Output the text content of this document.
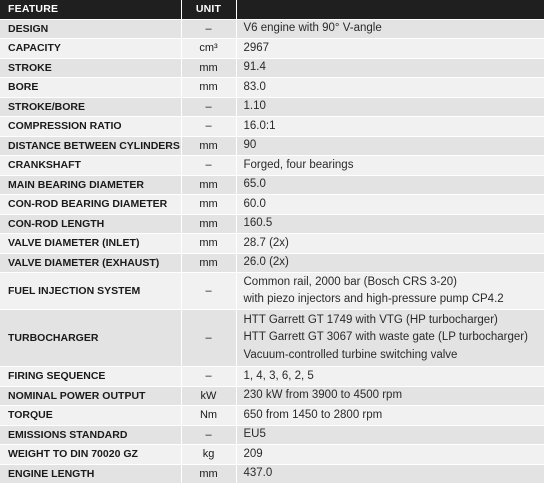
FEATURE	UNIT	
DESIGN	–	V6 engine with 90° V-angle

CAPACITY	cm³	2967

STROKE	mm	91.4

BORE	mm	83.0

STROKE/BORE	–	1.10

COMPRESSION RATIO	–	16.0:1

DISTANCE BETWEEN CYLINDERS	mm	90

CRANKSHAFT	–	Forged, four bearings

MAIN BEARING DIAMETER	mm	65.0

CON-ROD BEARING DIAMETER	mm	60.0

CON-ROD LENGTH	mm	160.5

VALVE DIAMETER (INLET)	mm	28.7 (2x)

VALVE DIAMETER (EXHAUST)	mm	26.0 (2x)

FUEL INJECTION SYSTEM	–	Common rail, 2000 bar (Bosch CRS 3-20)
with piezo injectors and high-pressure pump CP4.2

TURBOCHARGER	–	HTT Garrett GT 1749 with VTG (HP turbocharger)
HTT Garrett GT 3067 with waste gate (LP turbocharger)
Vacuum-controlled turbine switching valve

FIRING SEQUENCE	–	1, 4, 3, 6, 2, 5

NOMINAL POWER OUTPUT	kW	230 kW from 3900 to 4500 rpm

TORQUE	Nm	650 from 1450 to 2800 rpm

EMISSIONS STANDARD	–	EU5

WEIGHT TO DIN 70020 GZ	kg	209

ENGINE LENGTH	mm	437.0
